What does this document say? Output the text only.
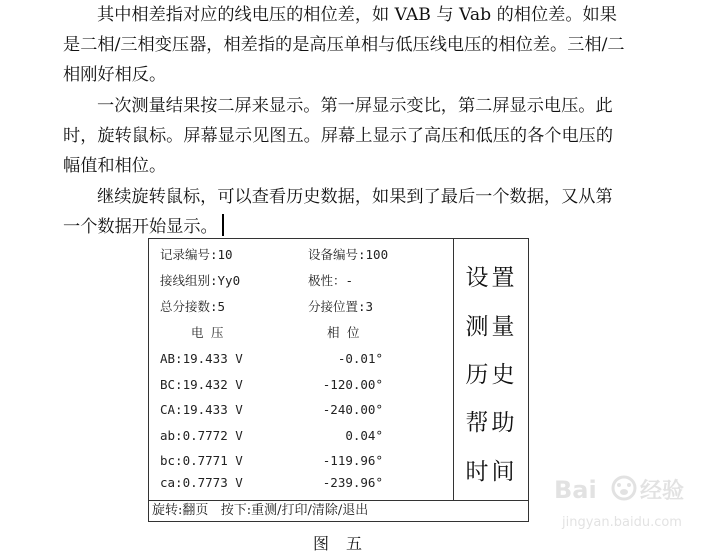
其中相差指对应的线电压的相位差，如 VAB 与 Vab 的相位差。如果是二相/三相变压器，相差指的是高压单相与低压线电压的相位差。三相/二相刚好相反。

一次测量结果按二屏来显示。第一屏显示变比，第二屏显示电压。此时，旋转鼠标。屏幕显示见图五。屏幕上显示了高压和低压的各个电压的幅值和相位。

继续旋转鼠标，可以查看历史数据，如果到了最后一个数据，又从第一个数据开始显示。

记录编号:10	设备编号:100
接线组别:Yy0	极性：-
总分接数:5	分接位置:3
电 压	相 位
AB:19.433 V	-0.01°
BC:19.432 V	-120.00°
CA:19.433 V	-240.00°
ab:0.7772 V	0.04°
bc:0.7771 V	-119.96°
ca:0.7773 V	-239.96°
设置
测量
历史
帮助
时间
旋转:翻页   按下:重测/打印/清除/退出
图 五
Bai 经验
jingyan.baidu.com
